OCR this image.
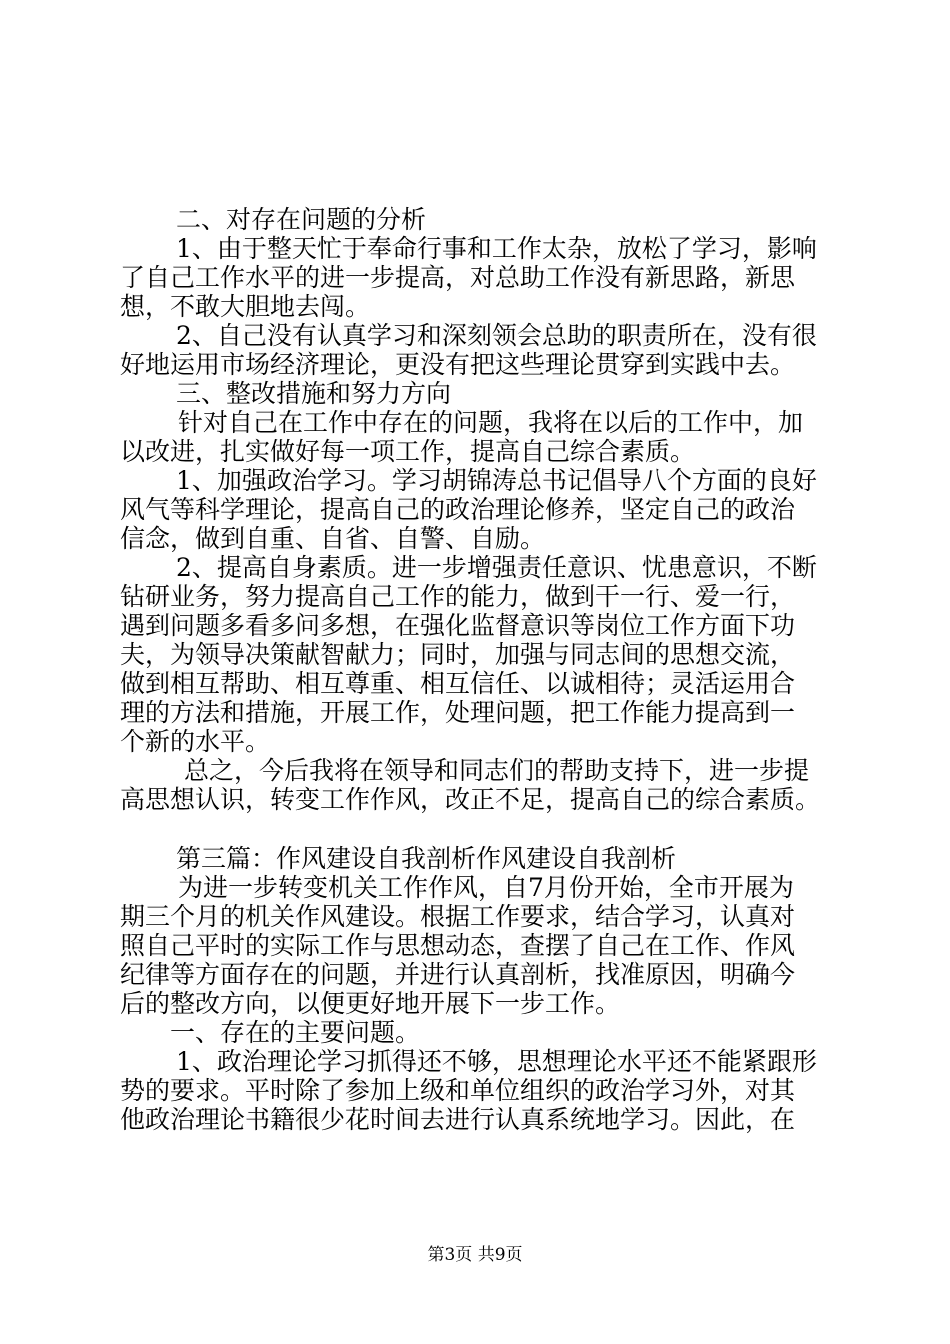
二、对存在问题的分析
1、由于整天忙于奉命行事和工作太杂，放松了学习，影响
了自己工作水平的进一步提高，对总助工作没有新思路，新思
想，不敢大胆地去闯。
2、自己没有认真学习和深刻领会总助的职责所在，没有很
好地运用市场经济理论，更没有把这些理论贯穿到实践中去。
三、整改措施和努力方向
针对自己在工作中存在的问题，我将在以后的工作中，加
以改进，扎实做好每一项工作，提高自己综合素质。
1、加强政治学习。学习胡锦涛总书记倡导八个方面的良好
风气等科学理论，提高自己的政治理论修养，坚定自己的政治
信念，做到自重、自省、自警、自励。
2、提高自身素质。进一步增强责任意识、忧患意识，不断
钻研业务，努力提高自己工作的能力，做到干一行、爱一行，
遇到问题多看多问多想，在强化监督意识等岗位工作方面下功
夫，为领导决策献智献力；同时，加强与同志间的思想交流，
做到相互帮助、相互尊重、相互信任、以诚相待；灵活运用合
理的方法和措施，开展工作，处理问题，把工作能力提高到一
个新的水平。
总之，今后我将在领导和同志们的帮助支持下，进一步提
高思想认识，转变工作作风，改正不足，提高自己的综合素质。
第三篇：作风建设自我剖析作风建设自我剖析
为进一步转变机关工作作风，自7月份开始，全市开展为
期三个月的机关作风建设。根据工作要求，结合学习，认真对
照自己平时的实际工作与思想动态，查摆了自己在工作、作风
纪律等方面存在的问题，并进行认真剖析，找准原因，明确今
后的整改方向，以便更好地开展下一步工作。
一、存在的主要问题。
1、政治理论学习抓得还不够，思想理论水平还不能紧跟形
势的要求。平时除了参加上级和单位组织的政治学习外，对其
他政治理论书籍很少花时间去进行认真系统地学习。因此，在
第3页 共9页
